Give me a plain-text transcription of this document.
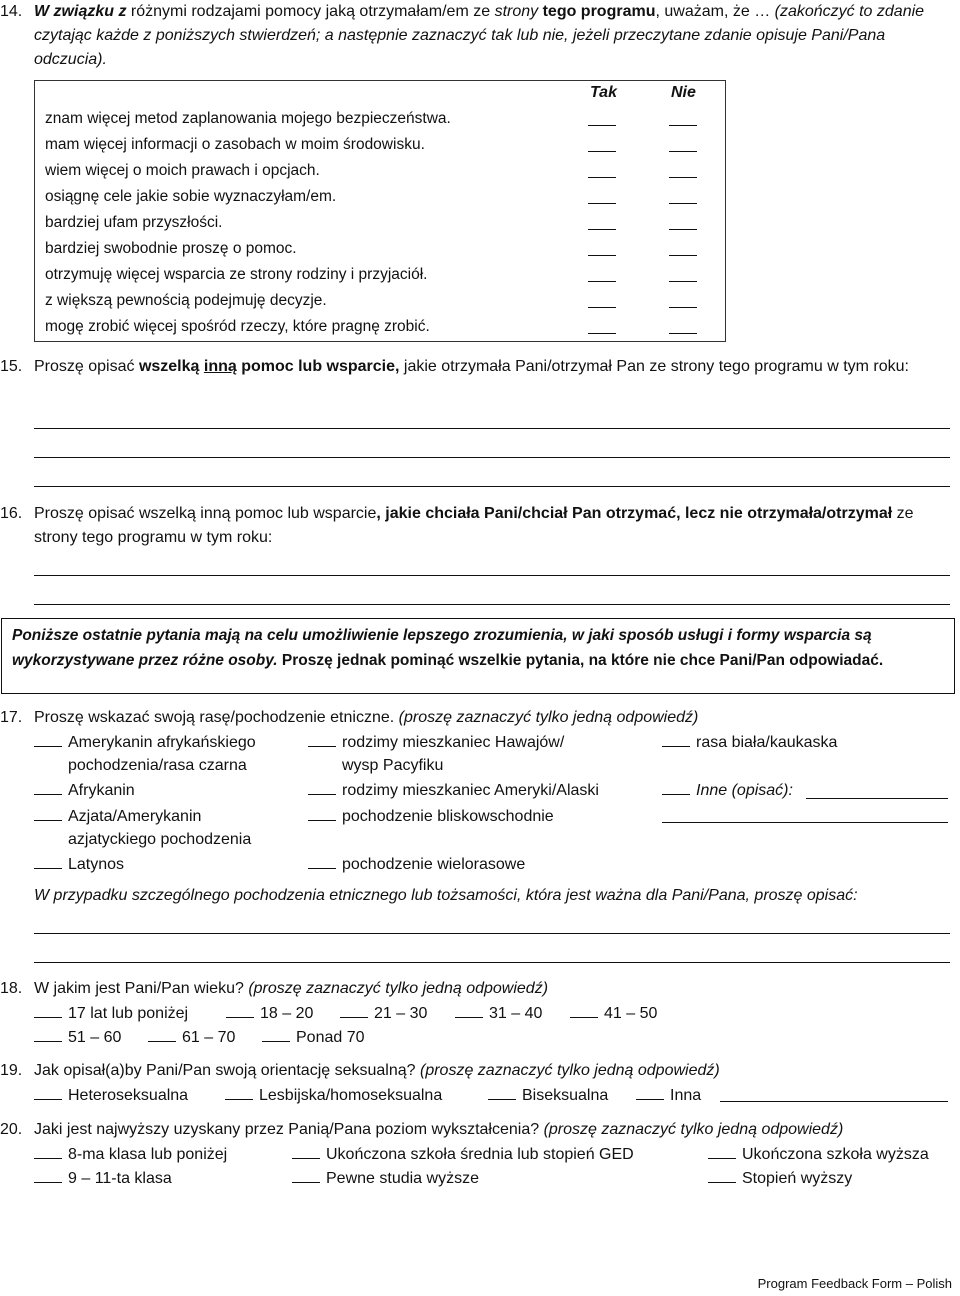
14. W związku z różnymi rodzajami pomocy jaką otrzymałam/em ze strony tego programu, uważam, że … (zakończyć to zdanie czytając każde z poniższych stwierdzeń; a następnie zaznaczyć tak lub nie, jeżeli przeczytane zdanie opisuje Pani/Pana odczucia).
Tak	Nie
znam więcej metod zaplanowania mojego bezpieczeństwa.
mam więcej informacji o zasobach w moim środowisku.
wiem więcej o moich prawach i opcjach.
osiągnę cele jakie sobie wyznaczyłam/em.
bardziej ufam przyszłości.
bardziej swobodnie proszę o pomoc.
otrzymuję więcej wsparcia ze strony rodziny i przyjaciół.
z większą pewnością podejmuję decyzje.
mogę zrobić więcej spośród rzeczy, które pragnę zrobić.
15. Proszę opisać wszelką inną pomoc lub wsparcie, jakie otrzymała Pani/otrzymał Pan ze strony tego programu w tym roku:
16. Proszę opisać wszelką inną pomoc lub wsparcie, jakie chciała Pani/chciał Pan otrzymać, lecz nie otrzymała/otrzymał ze strony tego programu w tym roku:
Poniższe ostatnie pytania mają na celu umożliwienie lepszego zrozumienia, w jaki sposób usługi i formy wsparcia są wykorzystywane przez różne osoby. Proszę jednak pominąć wszelkie pytania, na które nie chce Pani/Pan odpowiadać.
17. Proszę wskazać swoją rasę/pochodzenie etniczne. (proszę zaznaczyć tylko jedną odpowiedź)
Amerykanin afrykańskiego
pochodzenia/rasa czarna
Afrykanin
Azjata/Amerykanin
azjatyckiego pochodzenia
Latynos
rodzimy mieszkaniec Hawajów/
wysp Pacyfiku
rodzimy mieszkaniec Ameryki/Alaski
pochodzenie bliskowschodnie
pochodzenie wielorasowe
rasa biała/kaukaska
Inne (opisać):
W przypadku szczególnego pochodzenia etnicznego lub tożsamości, która jest ważna dla Pani/Pana, proszę opisać:
18. W jakim jest Pani/Pan wieku? (proszę zaznaczyć tylko jedną odpowiedź)
17 lat lub poniżej	18 – 20	21 – 30	31 – 40	41 – 50
51 – 60	61 – 70	Ponad 70
19. Jak opisał(a)by Pani/Pan swoją orientację seksualną? (proszę zaznaczyć tylko jedną odpowiedź)
Heteroseksualna	Lesbijska/homoseksualna	Biseksualna	Inna
20. Jaki jest najwyższy uzyskany przez Panią/Pana poziom wykształcenia? (proszę zaznaczyć tylko jedną odpowiedź)
8-ma klasa lub poniżej	Ukończona szkoła średnia lub stopień GED	Ukończona szkoła wyższa
9 – 11-ta klasa	Pewne studia wyższe	Stopień wyższy
Program Feedback Form – Polish
